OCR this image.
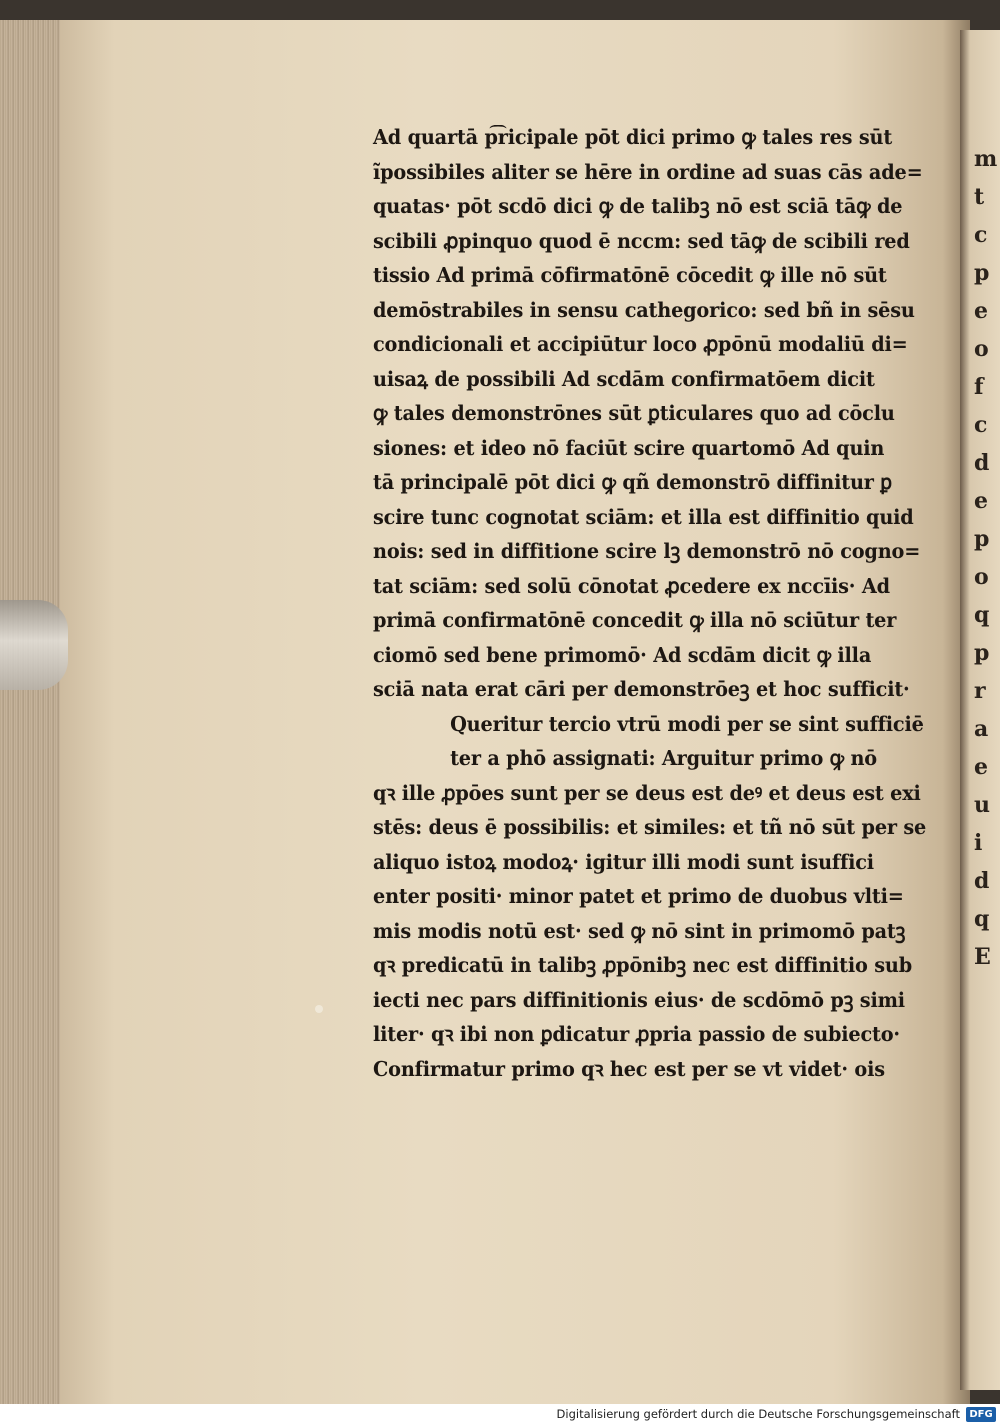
Ad quartā p͡ricipale pōt dici primo ꝙ tales res sūt
ĩpossibiles aliter se hēre in ordine ad suas cās ade=
quatas· pōt scdō dici ꝙ de talibꝫ nō est sciā tāꝙ de
scibili ꝓpinquo quod ē nccm: sed tāꝙ de scibili red
tissio Ad primā cōfirmatōnē cōcedit ꝙ ille nō sūt
demōstrabiles in sensu cathegorico: sed bñ in sēsu
condicionali et accipiūtur loco ꝓpōnū modaliū di=
uisaꝝ de possibili Ad scdām confirmatōem dicit
ꝙ tales demonstrōnes sūt ꝑticulares quo ad cōclu
siones: et ideo nō faciūt scire quartomō Ad quin
tā principalē pōt dici ꝙ qñ demonstrō diffinitur ꝑ
scire tunc cognotat sciām: et illa est diffinitio quid
nois: sed in diffitione scire lꝫ demonstrō nō cogno=
tat sciām: sed solū cōnotat ꝓcedere ex nccīis· Ad
primā confirmatōnē concedit ꝙ illa nō sciūtur ter
ciomō sed bene primomō· Ad scdām dicit ꝙ illa
sciā nata erat cāri per demonstrōeꝫ et hoc sufficit·
Queritur tercio vtrū modi per se sint sufficiē
ter a phō assignati: Arguitur primo ꝙ nō
qꝛ ille ꝓpōes sunt per se deus est deꝰ et deus est exi
stēs: deus ē possibilis: et similes: et tñ nō sūt per se
aliquo istoꝝ modoꝝ· igitur illi modi sunt isuffici
enter positi· minor patet et primo de duobus vlti=
mis modis notū est· sed ꝙ nō sint in primomō patꝫ
qꝛ predicatū in talibꝫ ꝓpōnibꝫ nec est diffinitio sub
iecti nec pars diffinitionis eius· de scdōmō pꝫ simi
liter· qꝛ ibi non ꝑdicatur ꝓpria passio de subiecto·
Confirmatur primo qꝛ hec est per se vt videt· ois
m
t
c
p
e
o
f
c
d
e
p
o
q
p
r
a
e
u
i
d
q
E
Digitalisierung gefördert durch die Deutsche Forschungsgemeinschaft DFG
